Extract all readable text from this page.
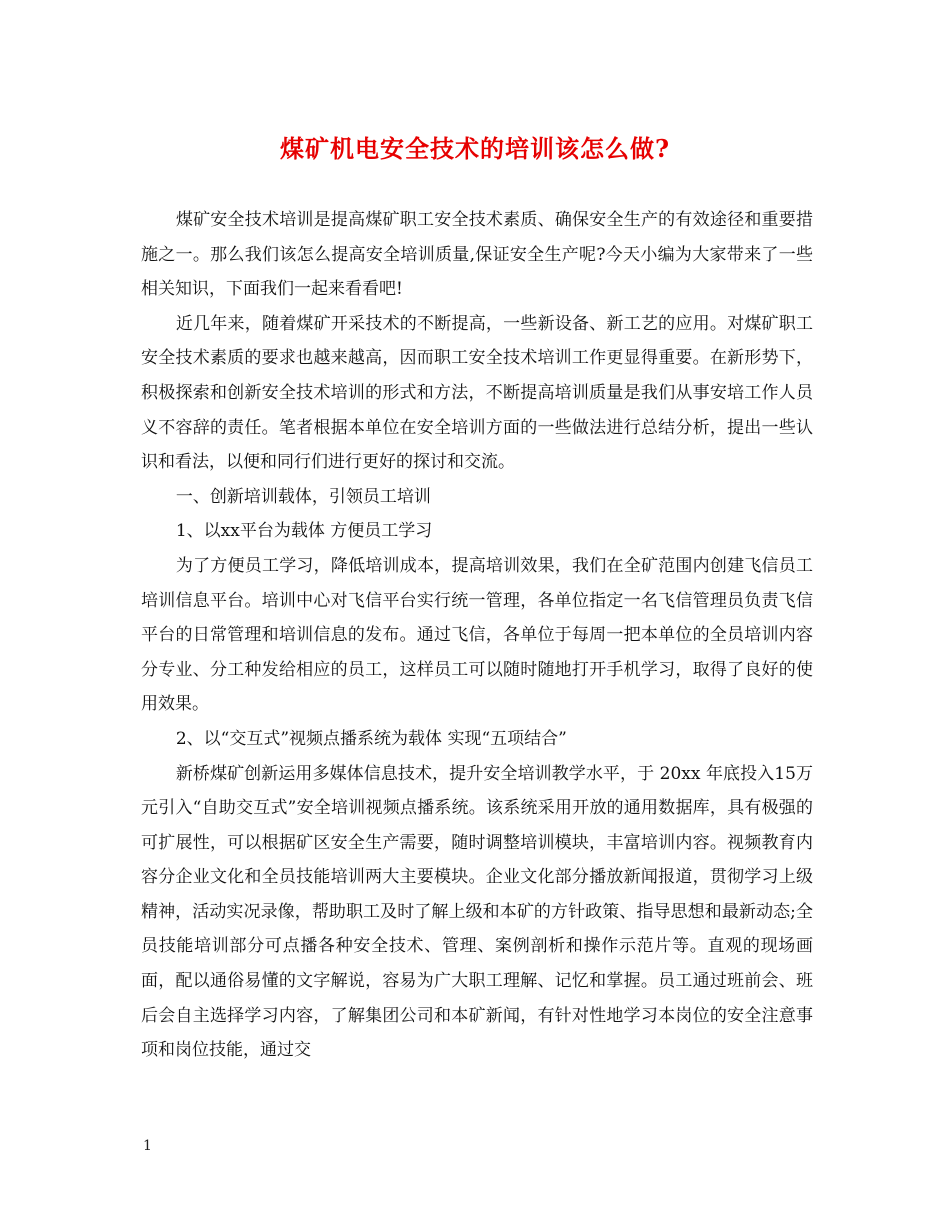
煤矿机电安全技术的培训该怎么做?

煤矿安全技术培训是提高煤矿职工安全技术素质、确保安全生产的有效途径和重要措施之一。那么我们该怎么提高安全培训质量,保证安全生产呢?今天小编为大家带来了一些相关知识，下面我们一起来看看吧!

近几年来，随着煤矿开采技术的不断提高，一些新设备、新工艺的应用。对煤矿职工安全技术素质的要求也越来越高，因而职工安全技术培训工作更显得重要。在新形势下，积极探索和创新安全技术培训的形式和方法，不断提高培训质量是我们从事安培工作人员义不容辞的责任。笔者根据本单位在安全培训方面的一些做法进行总结分析，提出一些认识和看法，以便和同行们进行更好的探讨和交流。

一、创新培训载体，引领员工培训

1、以xx平台为载体 方便员工学习

为了方便员工学习，降低培训成本，提高培训效果，我们在全矿范围内创建飞信员工培训信息平台。培训中心对飞信平台实行统一管理，各单位指定一名飞信管理员负责飞信平台的日常管理和培训信息的发布。通过飞信，各单位于每周一把本单位的全员培训内容分专业、分工种发给相应的员工，这样员工可以随时随地打开手机学习，取得了良好的使用效果。

2、以“交互式”视频点播系统为载体 实现“五项结合”

新桥煤矿创新运用多媒体信息技术，提升安全培训教学水平，于 20xx 年底投入15万元引入“自助交互式”安全培训视频点播系统。该系统采用开放的通用数据库，具有极强的可扩展性，可以根据矿区安全生产需要，随时调整培训模块，丰富培训内容。视频教育内容分企业文化和全员技能培训两大主要模块。企业文化部分播放新闻报道，贯彻学习上级精神，活动实况录像，帮助职工及时了解上级和本矿的方针政策、指导思想和最新动态;全员技能培训部分可点播各种安全技术、管理、案例剖析和操作示范片等。直观的现场画面，配以通俗易懂的文字解说，容易为广大职工理解、记忆和掌握。员工通过班前会、班后会自主选择学习内容，了解集团公司和本矿新闻，有针对性地学习本岗位的安全注意事项和岗位技能，通过交

1
